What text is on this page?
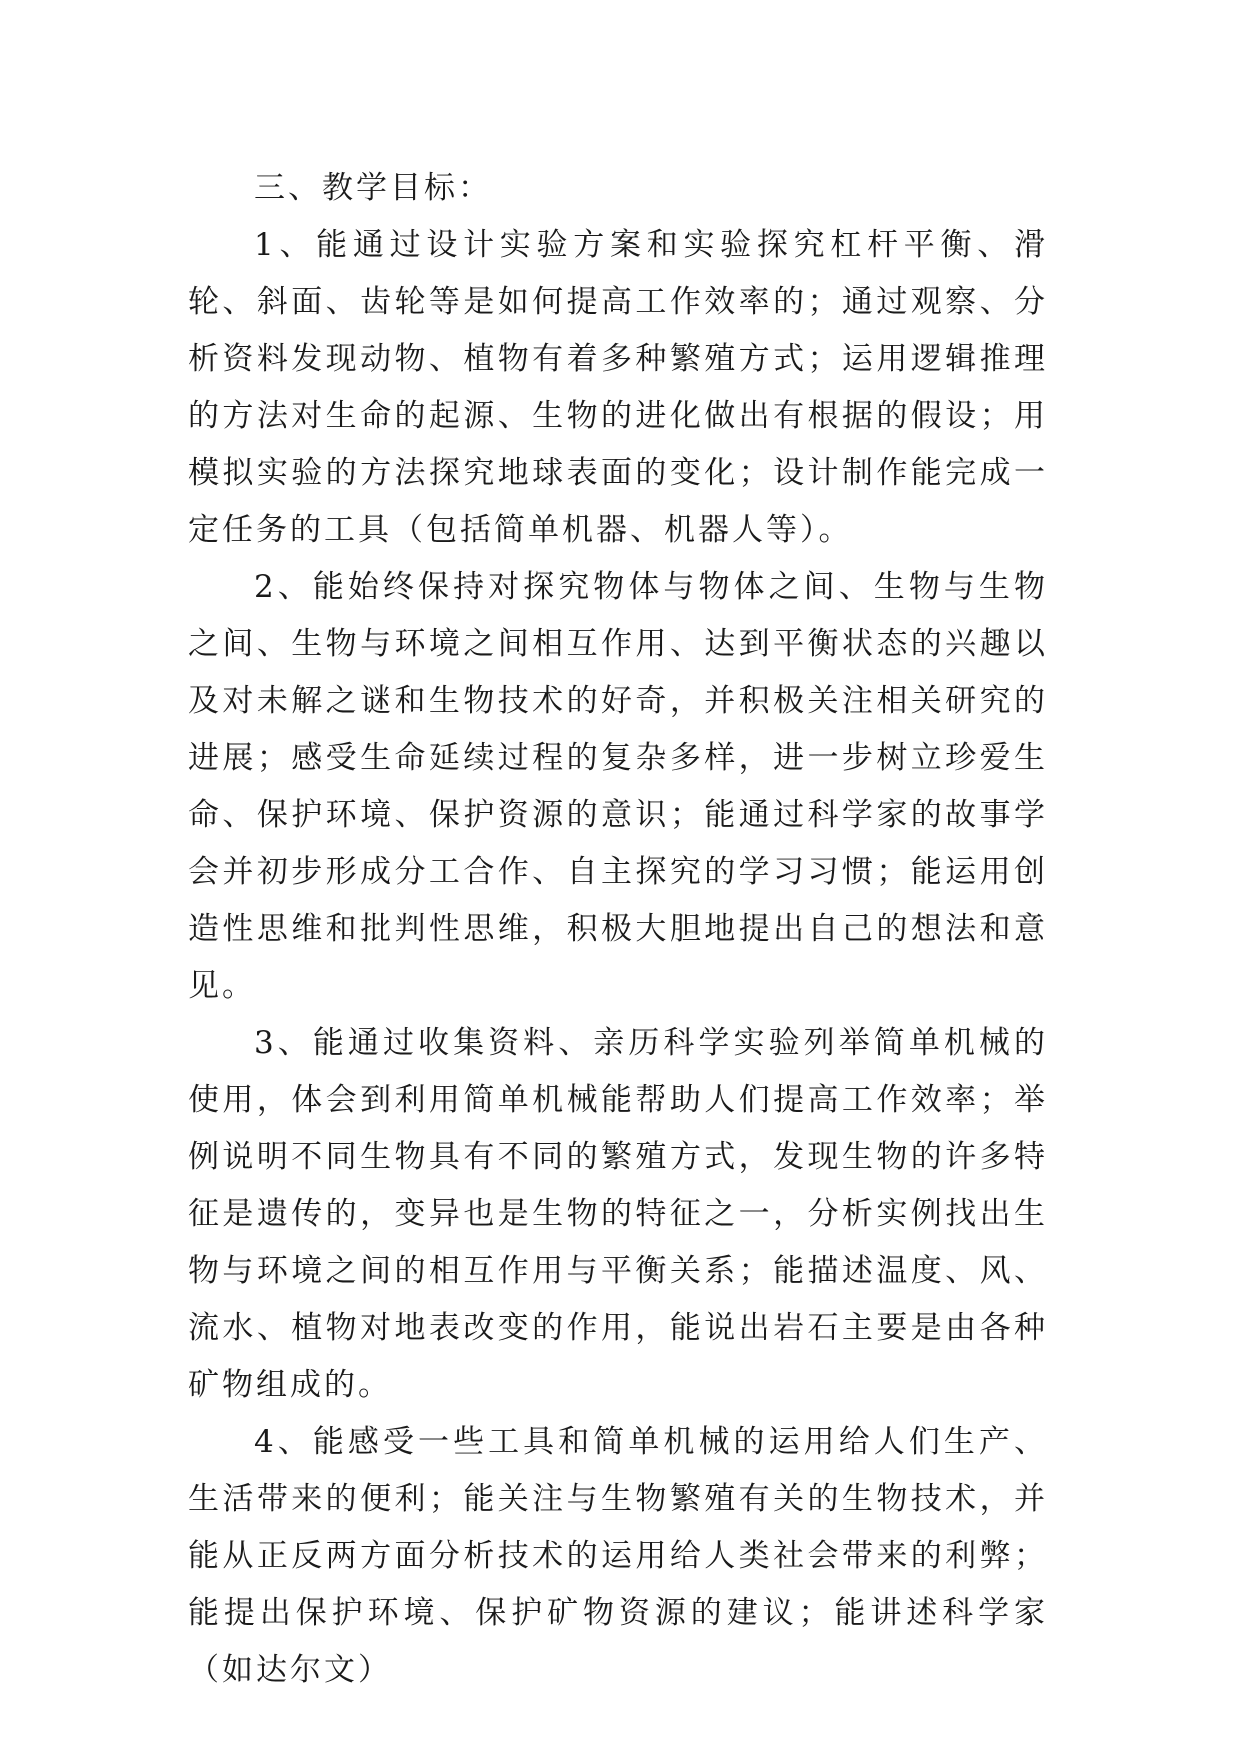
三、教学目标：

1、能通过设计实验方案和实验探究杠杆平衡、滑轮、斜面、齿轮等是如何提高工作效率的；通过观察、分析资料发现动物、植物有着多种繁殖方式；运用逻辑推理的方法对生命的起源、生物的进化做出有根据的假设；用模拟实验的方法探究地球表面的变化；设计制作能完成一定任务的工具（包括简单机器、机器人等）。

2、能始终保持对探究物体与物体之间、生物与生物之间、生物与环境之间相互作用、达到平衡状态的兴趣以及对未解之谜和生物技术的好奇，并积极关注相关研究的进展；感受生命延续过程的复杂多样，进一步树立珍爱生命、保护环境、保护资源的意识；能通过科学家的故事学会并初步形成分工合作、自主探究的学习习惯；能运用创造性思维和批判性思维，积极大胆地提出自己的想法和意见。

3、能通过收集资料、亲历科学实验列举简单机械的使用，体会到利用简单机械能帮助人们提高工作效率；举例说明不同生物具有不同的繁殖方式，发现生物的许多特征是遗传的，变异也是生物的特征之一，分析实例找出生物与环境之间的相互作用与平衡关系；能描述温度、风、流水、植物对地表改变的作用，能说出岩石主要是由各种矿物组成的。

4、能感受一些工具和简单机械的运用给人们生产、生活带来的便利；能关注与生物繁殖有关的生物技术，并能从正反两方面分析技术的运用给人类社会带来的利弊；能提出保护环境、保护矿物资源的建议；能讲述科学家（如达尔文）
